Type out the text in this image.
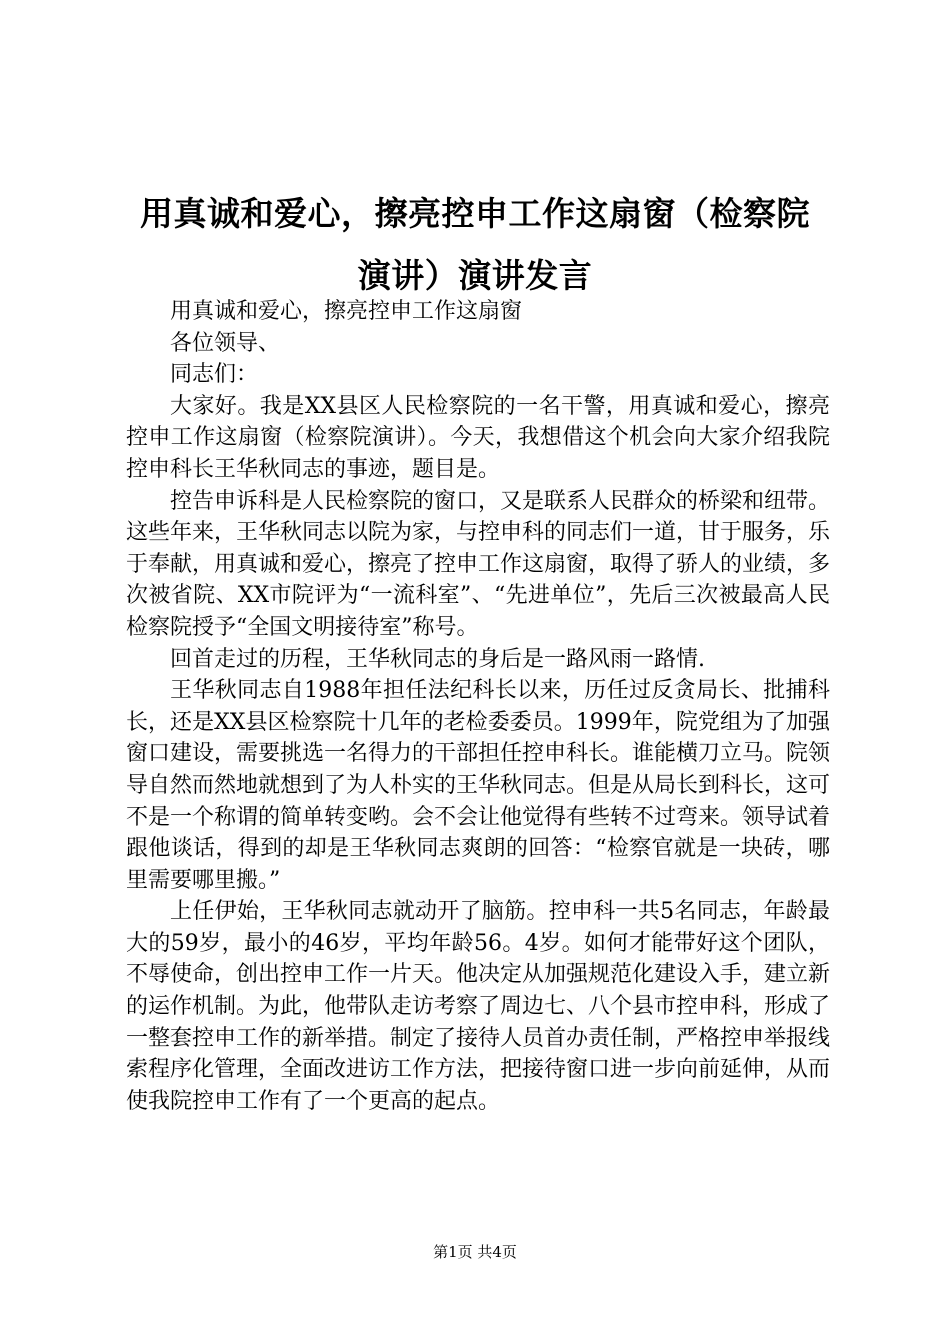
用真诚和爱心，擦亮控申工作这扇窗（检察院
演讲）演讲发言

用真诚和爱心，擦亮控申工作这扇窗

各位领导、

同志们：

大家好。我是XX县区人民检察院的一名干警，用真诚和爱心，擦亮控申工作这扇窗（检察院演讲）。今天，我想借这个机会向大家介绍我院控申科长王华秋同志的事迹，题目是。

控告申诉科是人民检察院的窗口，又是联系人民群众的桥梁和纽带。这些年来，王华秋同志以院为家，与控申科的同志们一道，甘于服务，乐于奉献，用真诚和爱心，擦亮了控申工作这扇窗，取得了骄人的业绩，多次被省院、XX市院评为“一流科室”、“先进单位”，先后三次被最高人民检察院授予“全国文明接待室”称号。

回首走过的历程，王华秋同志的身后是一路风雨一路情.

王华秋同志自1988年担任法纪科长以来，历任过反贪局长、批捕科长，还是XX县区检察院十几年的老检委委员。1999年，院党组为了加强窗口建设，需要挑选一名得力的干部担任控申科长。谁能横刀立马。院领导自然而然地就想到了为人朴实的王华秋同志。但是从局长到科长，这可不是一个称谓的简单转变哟。会不会让他觉得有些转不过弯来。领导试着跟他谈话，得到的却是王华秋同志爽朗的回答：“检察官就是一块砖，哪里需要哪里搬。”

上任伊始，王华秋同志就动开了脑筋。控申科一共5名同志，年龄最大的59岁，最小的46岁，平均年龄56。4岁。如何才能带好这个团队，不辱使命，创出控申工作一片天。他决定从加强规范化建设入手，建立新的运作机制。为此，他带队走访考察了周边七、八个县市控申科，形成了一整套控申工作的新举措。制定了接待人员首办责任制，严格控申举报线索程序化管理，全面改进访工作方法，把接待窗口进一步向前延伸，从而使我院控申工作有了一个更高的起点。

第1页 共4页
